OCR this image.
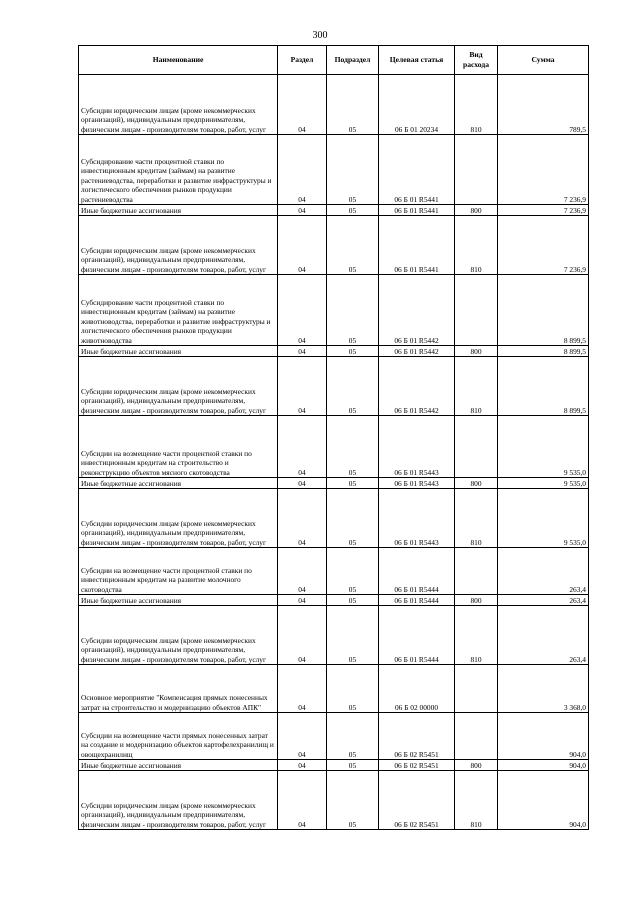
300
Наименование	Раздел	Подраздел	Целевая статья	Вид расхода	Сумма
Субсидии юридическим лицам (кроме некоммерческих организаций), индивидуальным предпринимателям, физическим лицам - производителям товаров, работ, услуг	04	05	06 Б 01 20234	810	789,5
Субсидирование части процентной ставки по инвестиционным кредитам (займам) на развитие растениеводства, переработки и развитие инфраструктуры и логистического обеспечения рынков продукции растениеводства	04	05	06 Б 01 R5441		7 236,9
Иные бюджетные ассигнования	04	05	06 Б 01 R5441	800	7 236,9
Субсидии юридическим лицам (кроме некоммерческих организаций), индивидуальным предпринимателям, физическим лицам - производителям товаров, работ, услуг	04	05	06 Б 01 R5441	810	7 236,9
Субсидирование части процентной ставки по инвестиционным кредитам (займам) на развитие животноводства, переработки и развитие инфраструктуры и логистического обеспечения рынков продукции животноводства	04	05	06 Б 01 R5442		8 899,5
Иные бюджетные ассигнования	04	05	06 Б 01 R5442	800	8 899,5
Субсидии юридическим лицам (кроме некоммерческих организаций), индивидуальным предпринимателям, физическим лицам - производителям товаров, работ, услуг	04	05	06 Б 01 R5442	810	8 899,5
Субсидии на возмещение части процентной ставки по инвестиционным кредитам на строительство и реконструкцию объектов мясного скотоводства	04	05	06 Б 01 R5443		9 535,0
Иные бюджетные ассигнования	04	05	06 Б 01 R5443	800	9 535,0
Субсидии юридическим лицам (кроме некоммерческих организаций), индивидуальным предпринимателям, физическим лицам - производителям товаров, работ, услуг	04	05	06 Б 01 R5443	810	9 535,0
Субсидии на возмещение части процентной ставки по инвестиционным кредитам на развитие молочного скотоводства	04	05	06 Б 01 R5444		263,4
Иные бюджетные ассигнования	04	05	06 Б 01 R5444	800	263,4
Субсидии юридическим лицам (кроме некоммерческих организаций), индивидуальным предпринимателям, физическим лицам - производителям товаров, работ, услуг	04	05	06 Б 01 R5444	810	263,4
Основное мероприятие "Компенсация прямых понесенных затрат на строительство и модернизацию объектов АПК"	04	05	06 Б 02 00000		3 368,0
Субсидии на возмещение части прямых понесенных затрат на создание и модернизацию объектов картофелехранилищ и овощехранилищ	04	05	06 Б 02 R5451		904,0
Иные бюджетные ассигнования	04	05	06 Б 02 R5451	800	904,0
Субсидии юридическим лицам (кроме некоммерческих организаций), индивидуальным предпринимателям, физическим лицам - производителям товаров, работ, услуг	04	05	06 Б 02 R5451	810	904,0
